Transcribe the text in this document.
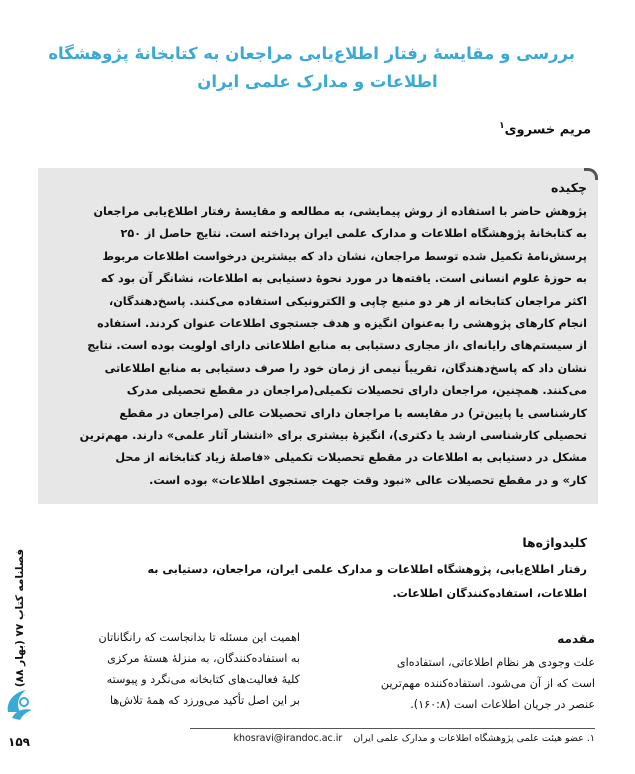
بررسی و مقایسهٔ رفتار اطلاع‌یابی مراجعان به کتابخانهٔ پژوهشگاه
اطلاعات و مدارک علمی ایران
مریم خسروی$^۱$
چکیده
پژوهش حاضر با استفاده از روش پیمایشی، به مطالعه و مقایسهٔ رفتار اطلاع‌یابی مراجعان
به کتابخانهٔ پژوهشگاه اطلاعات و مدارک علمی ایران پرداخته است. نتایج حاصل از ۲۵۰
پرسش‌نامهٔ تکمیل شده توسط مراجعان، نشان داد که بیشترین درخواست اطلاعات مربوط
به حوزهٔ علوم انسانی است. یافته‌ها در مورد نحوهٔ دستیابی به اطلاعات، نشانگر آن بود که
اکثر مراجعان کتابخانه از هر دو منبع چاپی و الکترونیکی استفاده می‌کنند. پاسخ‌دهندگان،
انجام کارهای پژوهشی را به‌عنوان انگیزه و هدف جستجوی اطلاعات عنوان کردند. استفاده
از سیستم‌های رایانه‌ای ،از مجاری دستیابی به منابع اطلاعاتی دارای اولویت بوده است. نتایج
نشان داد که پاسخ‌دهندگان، تقریباً نیمی از زمان خود را صرف دستیابی به منابع اطلاعاتی
می‌کنند. همچنین، مراجعان دارای تحصیلات تکمیلی(مراجعان در مقطع تحصیلی مدرک
کارشناسی یا پایین‌تر) در مقایسه با مراجعان دارای تحصیلات عالی (مراجعان در مقطع
تحصیلی کارشناسی ارشد یا دکتری)، انگیزهٔ بیشتری برای «انتشار آثار علمی» دارند. مهم‌ترین
مشکل در دستیابی به اطلاعات در مقطع تحصیلات تکمیلی «فاصلهٔ زیاد کتابخانه از محل
کار» و در مقطع تحصیلات عالی «نبود وقت جهت جستجوی اطلاعات» بوده است.
کلیدواژه‌ها
رفتار اطلاع‌یابی، پژوهشگاه اطلاعات و مدارک علمی ایران، مراجعان، دستیابی به
اطلاعات، استفاده‌کنندگان اطلاعات.
مقدمه
علت وجودی هر نظام اطلاعاتی، استفاده‌ای
است که از آن می‌شود. استفاده‌کننده مهم‌ترین
عنصر در جریان اطلاعات است (۱۶۰:۸).
اهمیت این مسئله تا بدانجاست که رانگاناتان
به استفاده‌کنندگان، به منزلهٔ هستهٔ مرکزی
کلیهٔ فعالیت‌های کتابخانه می‌نگرد و پیوسته
بر این اصل تأکید می‌ورزد که همهٔ تلاش‌ها
۱. عضو هیئت علمی پژوهشگاه اطلاعات و مدارک علمی ایران khosravi@irandoc.ac.ir
فصلنامه کتاب ۷۷ (بهار ۸۸)
۱۵۹
